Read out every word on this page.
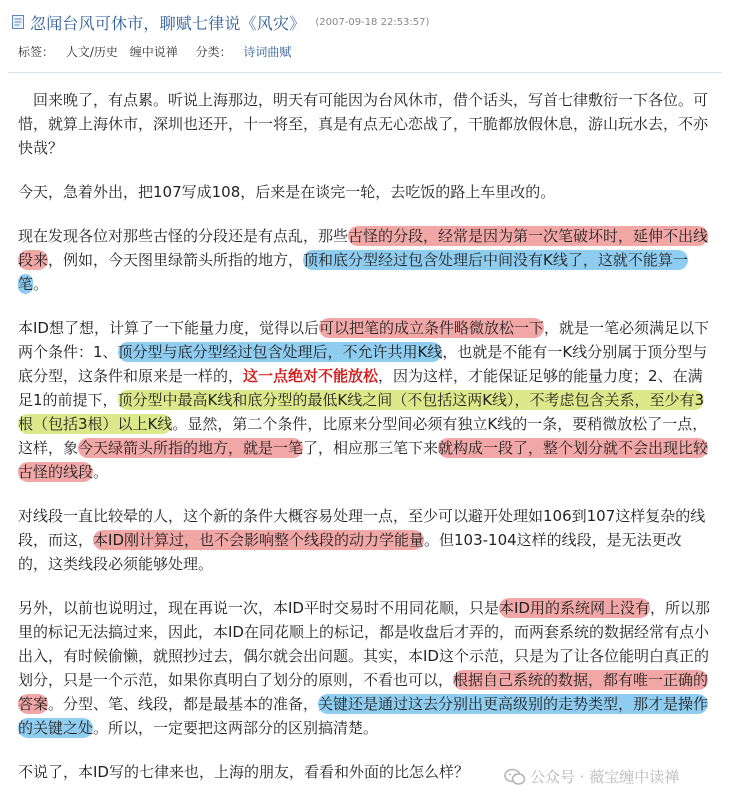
忽闻台风可休市，聊赋七律说《风灾》 (2007-09-18 22:53:57)
标签： 人文/历史 缠中说禅 分类： 诗词曲赋

回来晚了，有点累。听说上海那边，明天有可能因为台风休市，借个话头，写首七律敷衍一下各位。可惜，就算上海休市，深圳也还开，十一将至，真是有点无心恋战了，干脆都放假休息，游山玩水去，不亦快哉？

今天，急着外出，把107写成108，后来是在谈完一轮，去吃饭的路上车里改的。

现在发现各位对那些古怪的分段还是有点乱，那些古怪的分段，经常是因为第一次笔破坏时，延伸不出线段来，例如，今天图里绿箭头所指的地方，顶和底分型经过包含处理后中间没有K线了，这就不能算一笔。

本ID想了想，计算了一下能量力度，觉得以后可以把笔的成立条件略微放松一下，就是一笔必须满足以下两个条件：1、顶分型与底分型经过包含处理后，不允许共用K线，也就是不能有一K线分别属于顶分型与底分型，这条件和原来是一样的，这一点绝对不能放松，因为这样，才能保证足够的能量力度；2、在满足1的前提下，顶分型中最高K线和底分型的最低K线之间（不包括这两K线），不考虑包含关系，至少有3根（包括3根）以上K线。显然，第二个条件，比原来分型间必须有独立K线的一条，要稍微放松了一点，这样，象今天绿箭头所指的地方，就是一笔了，相应那三笔下来就构成一段了，整个划分就不会出现比较古怪的线段。

对线段一直比较晕的人，这个新的条件大概容易处理一点，至少可以避开处理如106到107这样复杂的线段，而这，本ID刚计算过，也不会影响整个线段的动力学能量。但103-104这样的线段，是无法更改的，这类线段必须能够处理。

另外，以前也说明过，现在再说一次，本ID平时交易时不用同花顺，只是本ID用的系统网上没有，所以那里的标记无法搞过来，因此，本ID在同花顺上的标记，都是收盘后才弄的，而两套系统的数据经常有点小出入，有时候偷懒，就照抄过去，偶尔就会出问题。其实，本ID这个示范，只是为了让各位能明白真正的划分，只是一个示范，如果你真明白了划分的原则，不看也可以，根据自己系统的数据，都有唯一正确的答案。分型、笔、线段，都是最基本的准备，关键还是通过这去分别出更高级别的走势类型，那才是操作的关键之处。所以，一定要把这两部分的区别搞清楚。

不说了，本ID写的七律来也，上海的朋友，看看和外面的比怎么样？	公众号 · 薇宝缠中读禅
